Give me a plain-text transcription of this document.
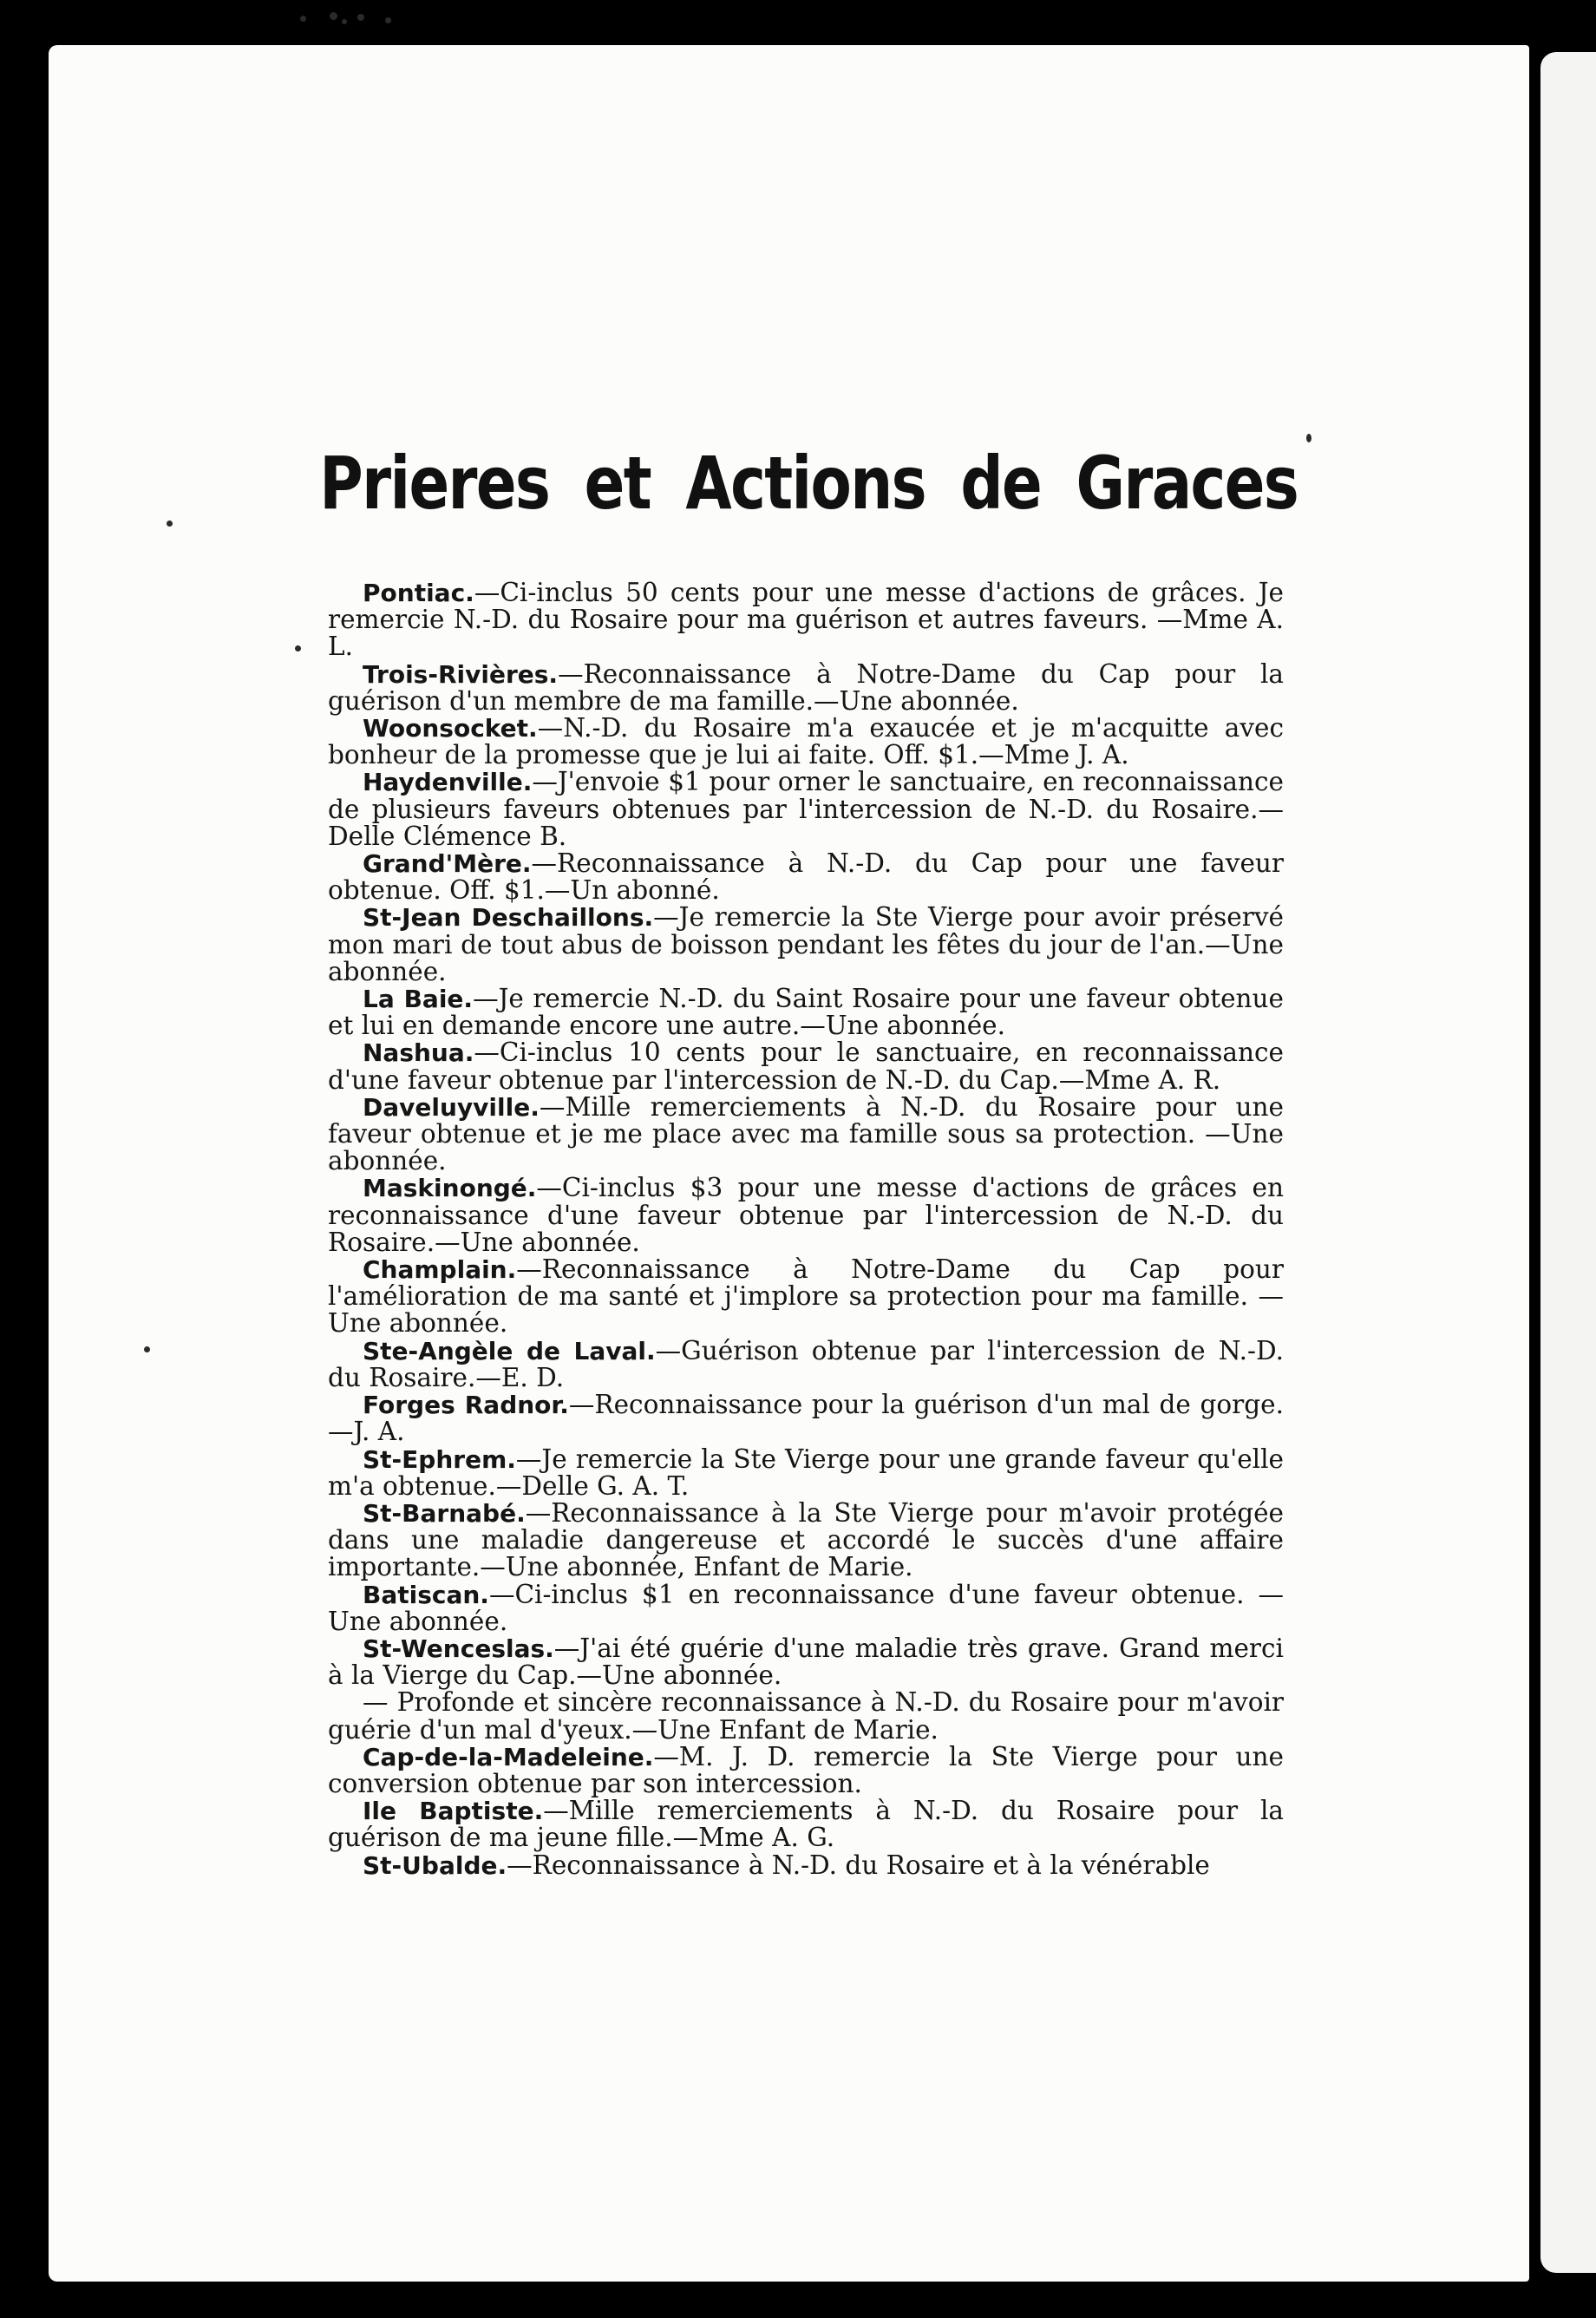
Prieres et Actions de Graces

Pontiac.—Ci-inclus 50 cents pour une messe d'actions de grâces. Je remercie N.-D. du Rosaire pour ma guérison et autres faveurs. —Mme A. L.

Trois-Rivières.—Reconnaissance à Notre-Dame du Cap pour la guérison d'un membre de ma famille.—Une abonnée.

Woonsocket.—N.-D. du Rosaire m'a exaucée et je m'acquitte avec bonheur de la promesse que je lui ai faite. Off. $1.—Mme J. A.

Haydenville.—J'envoie $1 pour orner le sanctuaire, en reconnaissance de plusieurs faveurs obtenues par l'intercession de N.-D. du Rosaire.—Delle Clémence B.

Grand'Mère.—Reconnaissance à N.-D. du Cap pour une faveur obtenue. Off. $1.—Un abonné.

St-Jean Deschaillons.—Je remercie la Ste Vierge pour avoir préservé mon mari de tout abus de boisson pendant les fêtes du jour de l'an.—Une abonnée.

La Baie.—Je remercie N.-D. du Saint Rosaire pour une faveur obtenue et lui en demande encore une autre.—Une abonnée.

Nashua.—Ci-inclus 10 cents pour le sanctuaire, en reconnaissance d'une faveur obtenue par l'intercession de N.-D. du Cap.—Mme A. R.

Daveluyville.—Mille remerciements à N.-D. du Rosaire pour une faveur obtenue et je me place avec ma famille sous sa protection. —Une abonnée.

Maskinongé.—Ci-inclus $3 pour une messe d'actions de grâces en reconnaissance d'une faveur obtenue par l'intercession de N.-D. du Rosaire.—Une abonnée.

Champlain.—Reconnaissance à Notre-Dame du Cap pour l'amélioration de ma santé et j'implore sa protection pour ma famille. — Une abonnée.

Ste-Angèle de Laval.—Guérison obtenue par l'intercession de N.-D. du Rosaire.—E. D.

Forges Radnor.—Reconnaissance pour la guérison d'un mal de gorge.—J. A.

St-Ephrem.—Je remercie la Ste Vierge pour une grande faveur qu'elle m'a obtenue.—Delle G. A. T.

St-Barnabé.—Reconnaissance à la Ste Vierge pour m'avoir protégée dans une maladie dangereuse et accordé le succès d'une affaire importante.—Une abonnée, Enfant de Marie.

Batiscan.—Ci-inclus $1 en reconnaissance d'une faveur obtenue. —Une abonnée.

St-Wenceslas.—J'ai été guérie d'une maladie très grave. Grand merci à la Vierge du Cap.—Une abonnée.

— Profonde et sincère reconnaissance à N.-D. du Rosaire pour m'avoir guérie d'un mal d'yeux.—Une Enfant de Marie.

Cap-de-la-Madeleine.—M. J. D. remercie la Ste Vierge pour une conversion obtenue par son intercession.

Ile Baptiste.—Mille remerciements à N.-D. du Rosaire pour la guérison de ma jeune fille.—Mme A. G.

St-Ubalde.—Reconnaissance à N.-D. du Rosaire et à la vénérable
